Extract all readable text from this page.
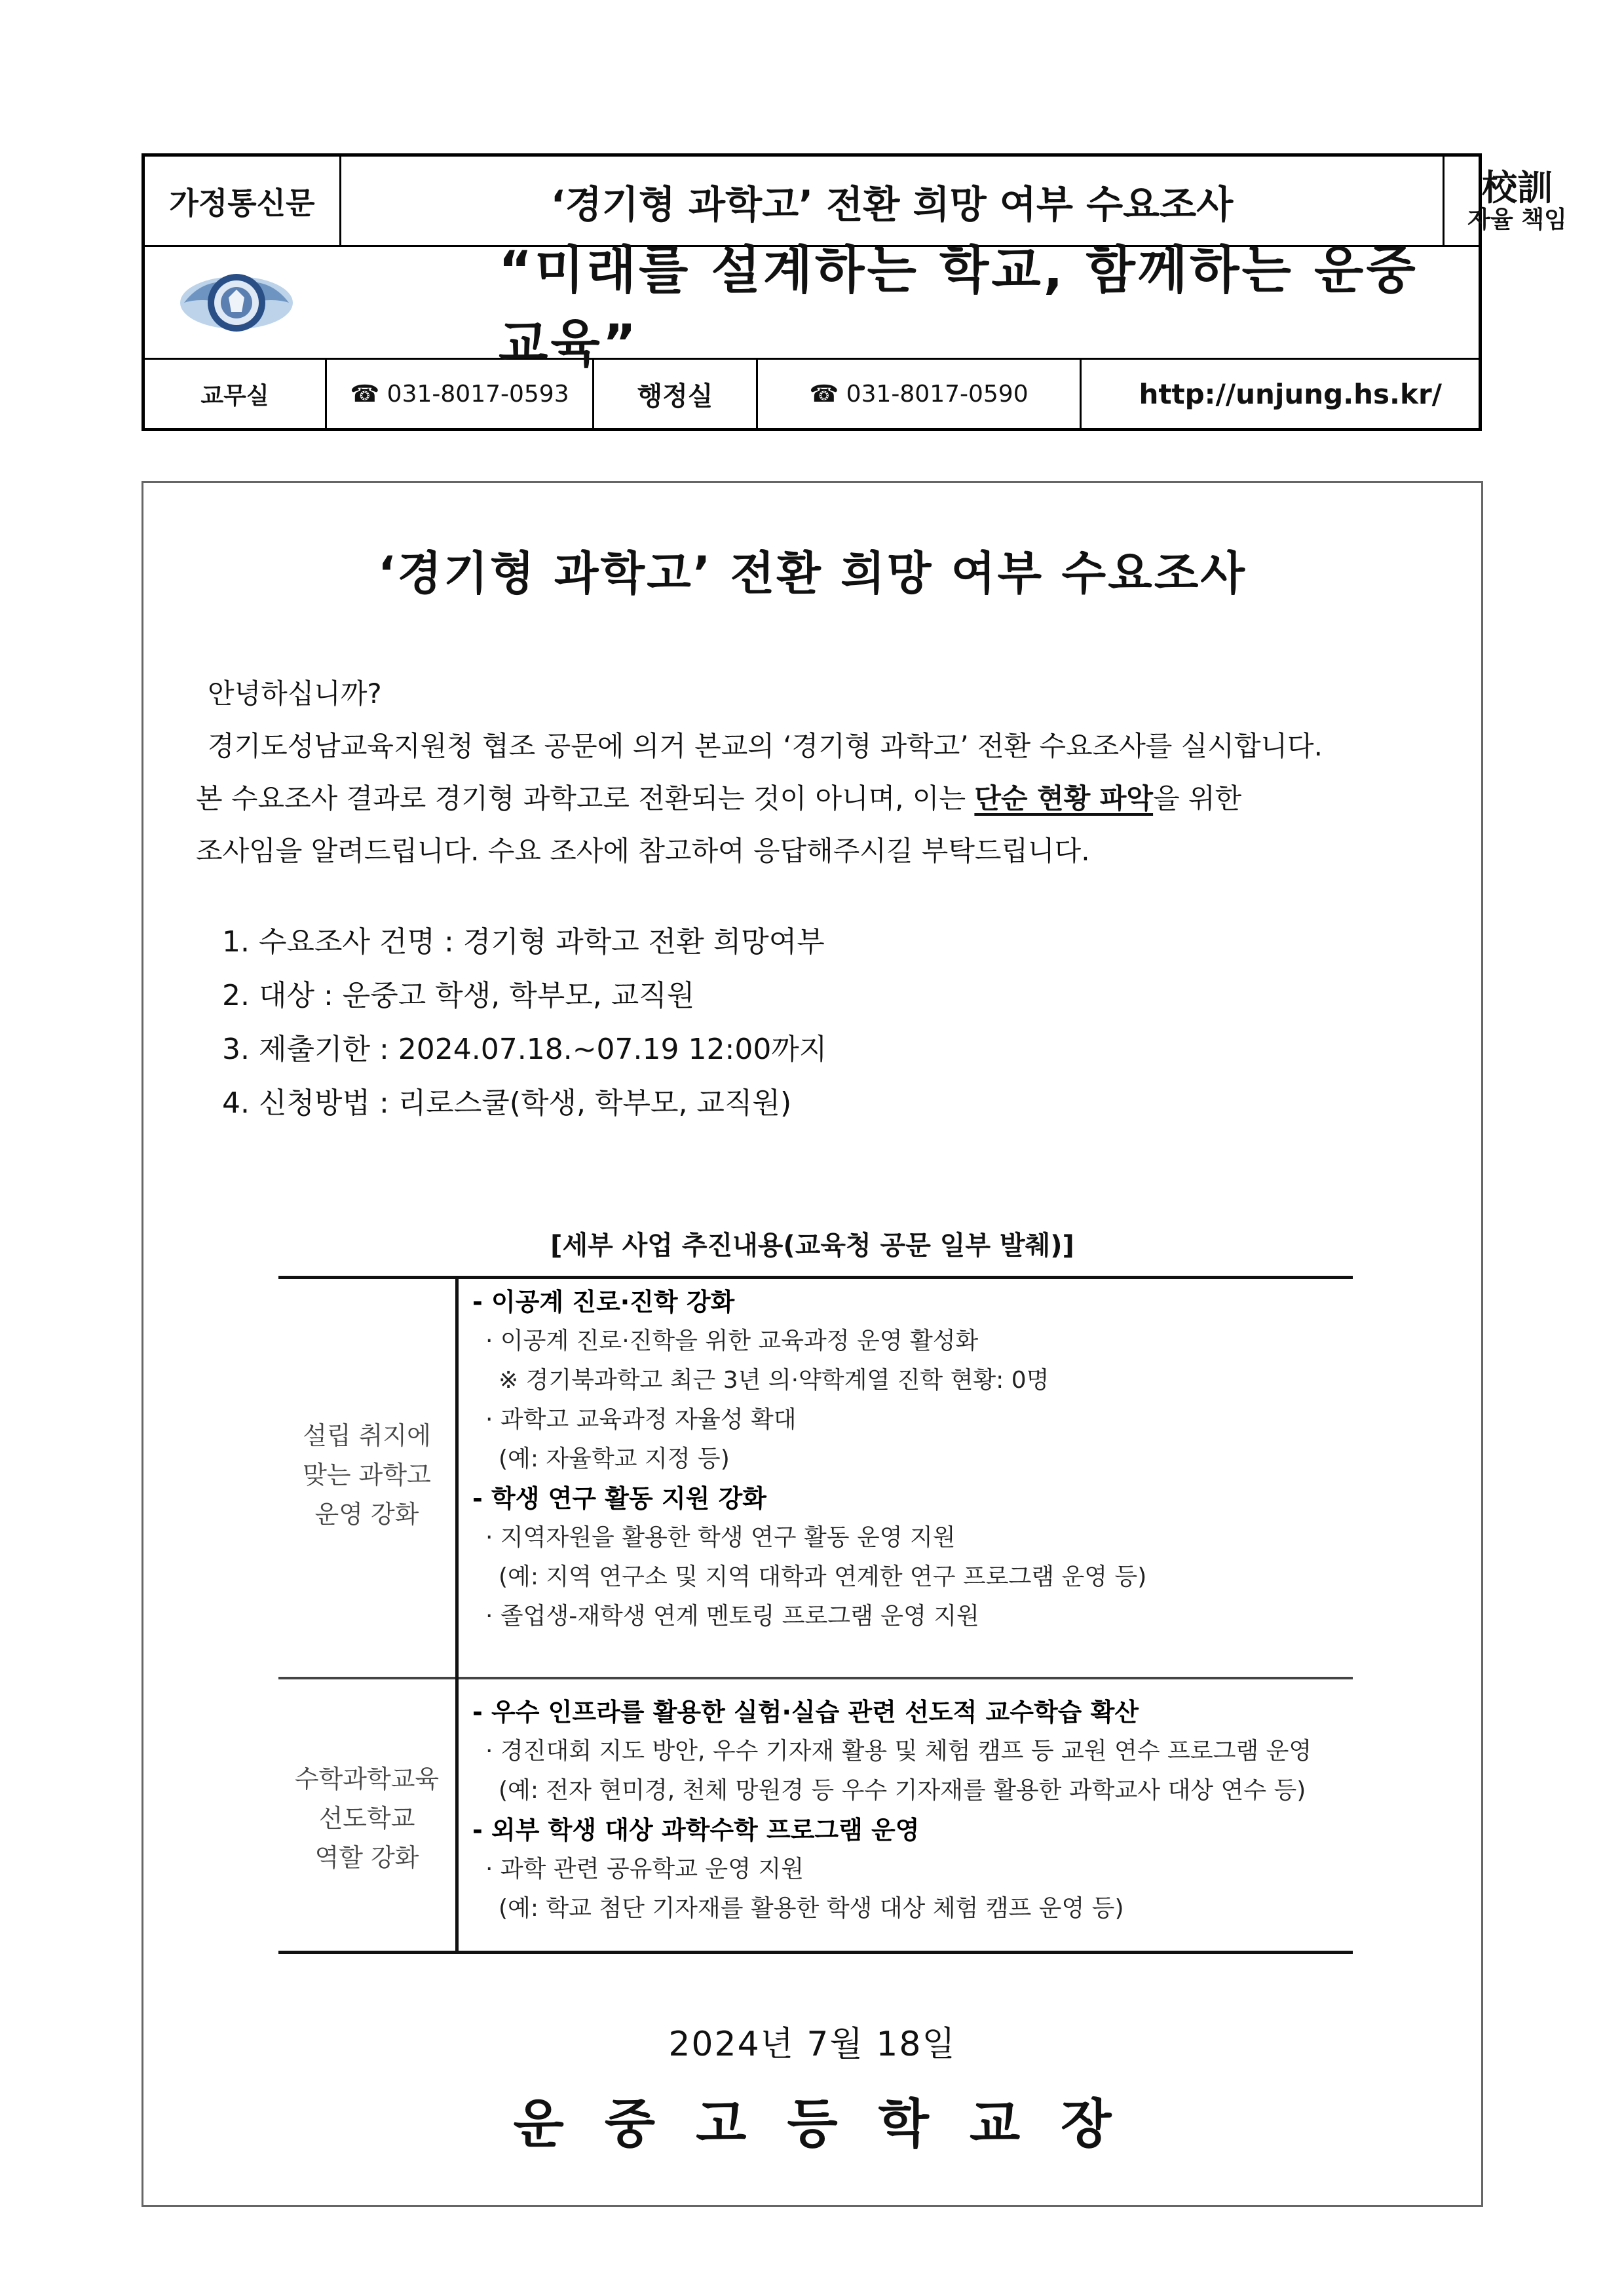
가정통신문	‘경기형 과학고’ 전환 희망 여부 수요조사	校訓
자율 책임
“미래를 설계하는 학교, 함께하는 운중 교육”
교무실	☎ 031-8017-0593	행정실	☎ 031-8017-0590	http://unjung.hs.kr/
‘경기형 과학고’ 전환 희망 여부 수요조사

안녕하십니까?

경기도성남교육지원청 협조 공문에 의거 본교의 ‘경기형 과학고’ 전환 수요조사를 실시합니다.

본 수요조사 결과로 경기형 과학고로 전환되는 것이 아니며, 이는 단순 현황 파악을 위한

조사임을 알려드립니다. 수요 조사에 참고하여 응답해주시길 부탁드립니다.

1. 수요조사 건명 : 경기형 과학고 전환 희망여부
2. 대상 : 운중고 학생, 학부모, 교직원
3. 제출기한 : 2024.07.18.~07.19 12:00까지
4. 신청방법 : 리로스쿨(학생, 학부모, 교직원)
[세부 사업 추진내용(교육청 공문 일부 발췌)]
설립 취지에
맞는 과학고
운영 강화
- 이공계 진로·진학 강화
· 이공계 진로·진학을 위한 교육과정 운영 활성화
※ 경기북과학고 최근 3년 의·약학계열 진학 현황: 0명
· 과학고 교육과정 자율성 확대
(예: 자율학교 지정 등)
- 학생 연구 활동 지원 강화
· 지역자원을 활용한 학생 연구 활동 운영 지원
(예: 지역 연구소 및 지역 대학과 연계한 연구 프로그램 운영 등)
· 졸업생-재학생 연계 멘토링 프로그램 운영 지원
수학과학교육
선도학교
역할 강화
- 우수 인프라를 활용한 실험·실습 관련 선도적 교수학습 확산
· 경진대회 지도 방안, 우수 기자재 활용 및 체험 캠프 등 교원 연수 프로그램 운영
(예: 전자 현미경, 천체 망원경 등 우수 기자재를 활용한 과학교사 대상 연수 등)
- 외부 학생 대상 과학수학 프로그램 운영
· 과학 관련 공유학교 운영 지원
(예: 학교 첨단 기자재를 활용한 학생 대상 체험 캠프 운영 등)
2024년 7월 18일
운중고등학교장
